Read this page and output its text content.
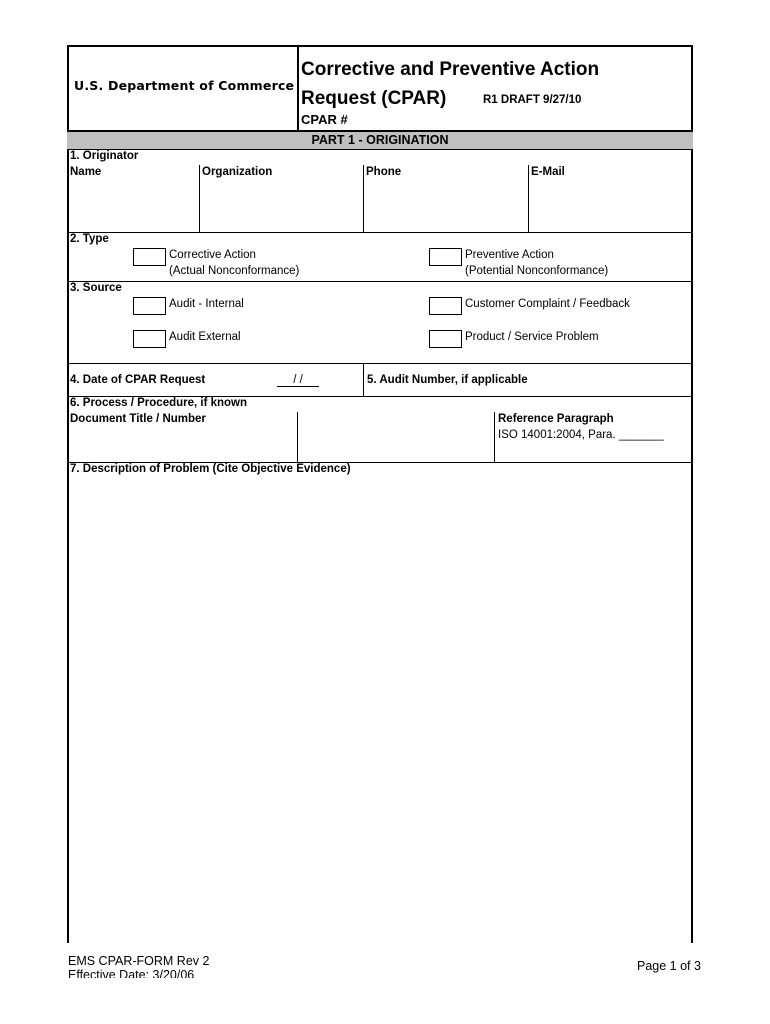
U.S. Department of Commerce
Corrective and Preventive Action
Request (CPAR)	R1 DRAFT 9/27/10
CPAR #
PART 1 - ORIGINATION
1. Originator
Name	Organization	Phone	E-Mail
2. Type
Corrective Action
(Actual Nonconformance)
Preventive Action
(Potential Nonconformance)
3. Source
Audit - Internal	Customer Complaint / Feedback
Audit External	Product / Service Problem
4. Date of CPAR Request	/ /	5. Audit Number, if applicable
6. Process / Procedure, if known
Document Title / Number	Reference Paragraph
ISO 14001:2004, Para. _______
7. Description of Problem (Cite Objective Evidence)
EMS CPAR-FORM Rev 2
Effective Date: 3/20/06
Page 1 of 3
